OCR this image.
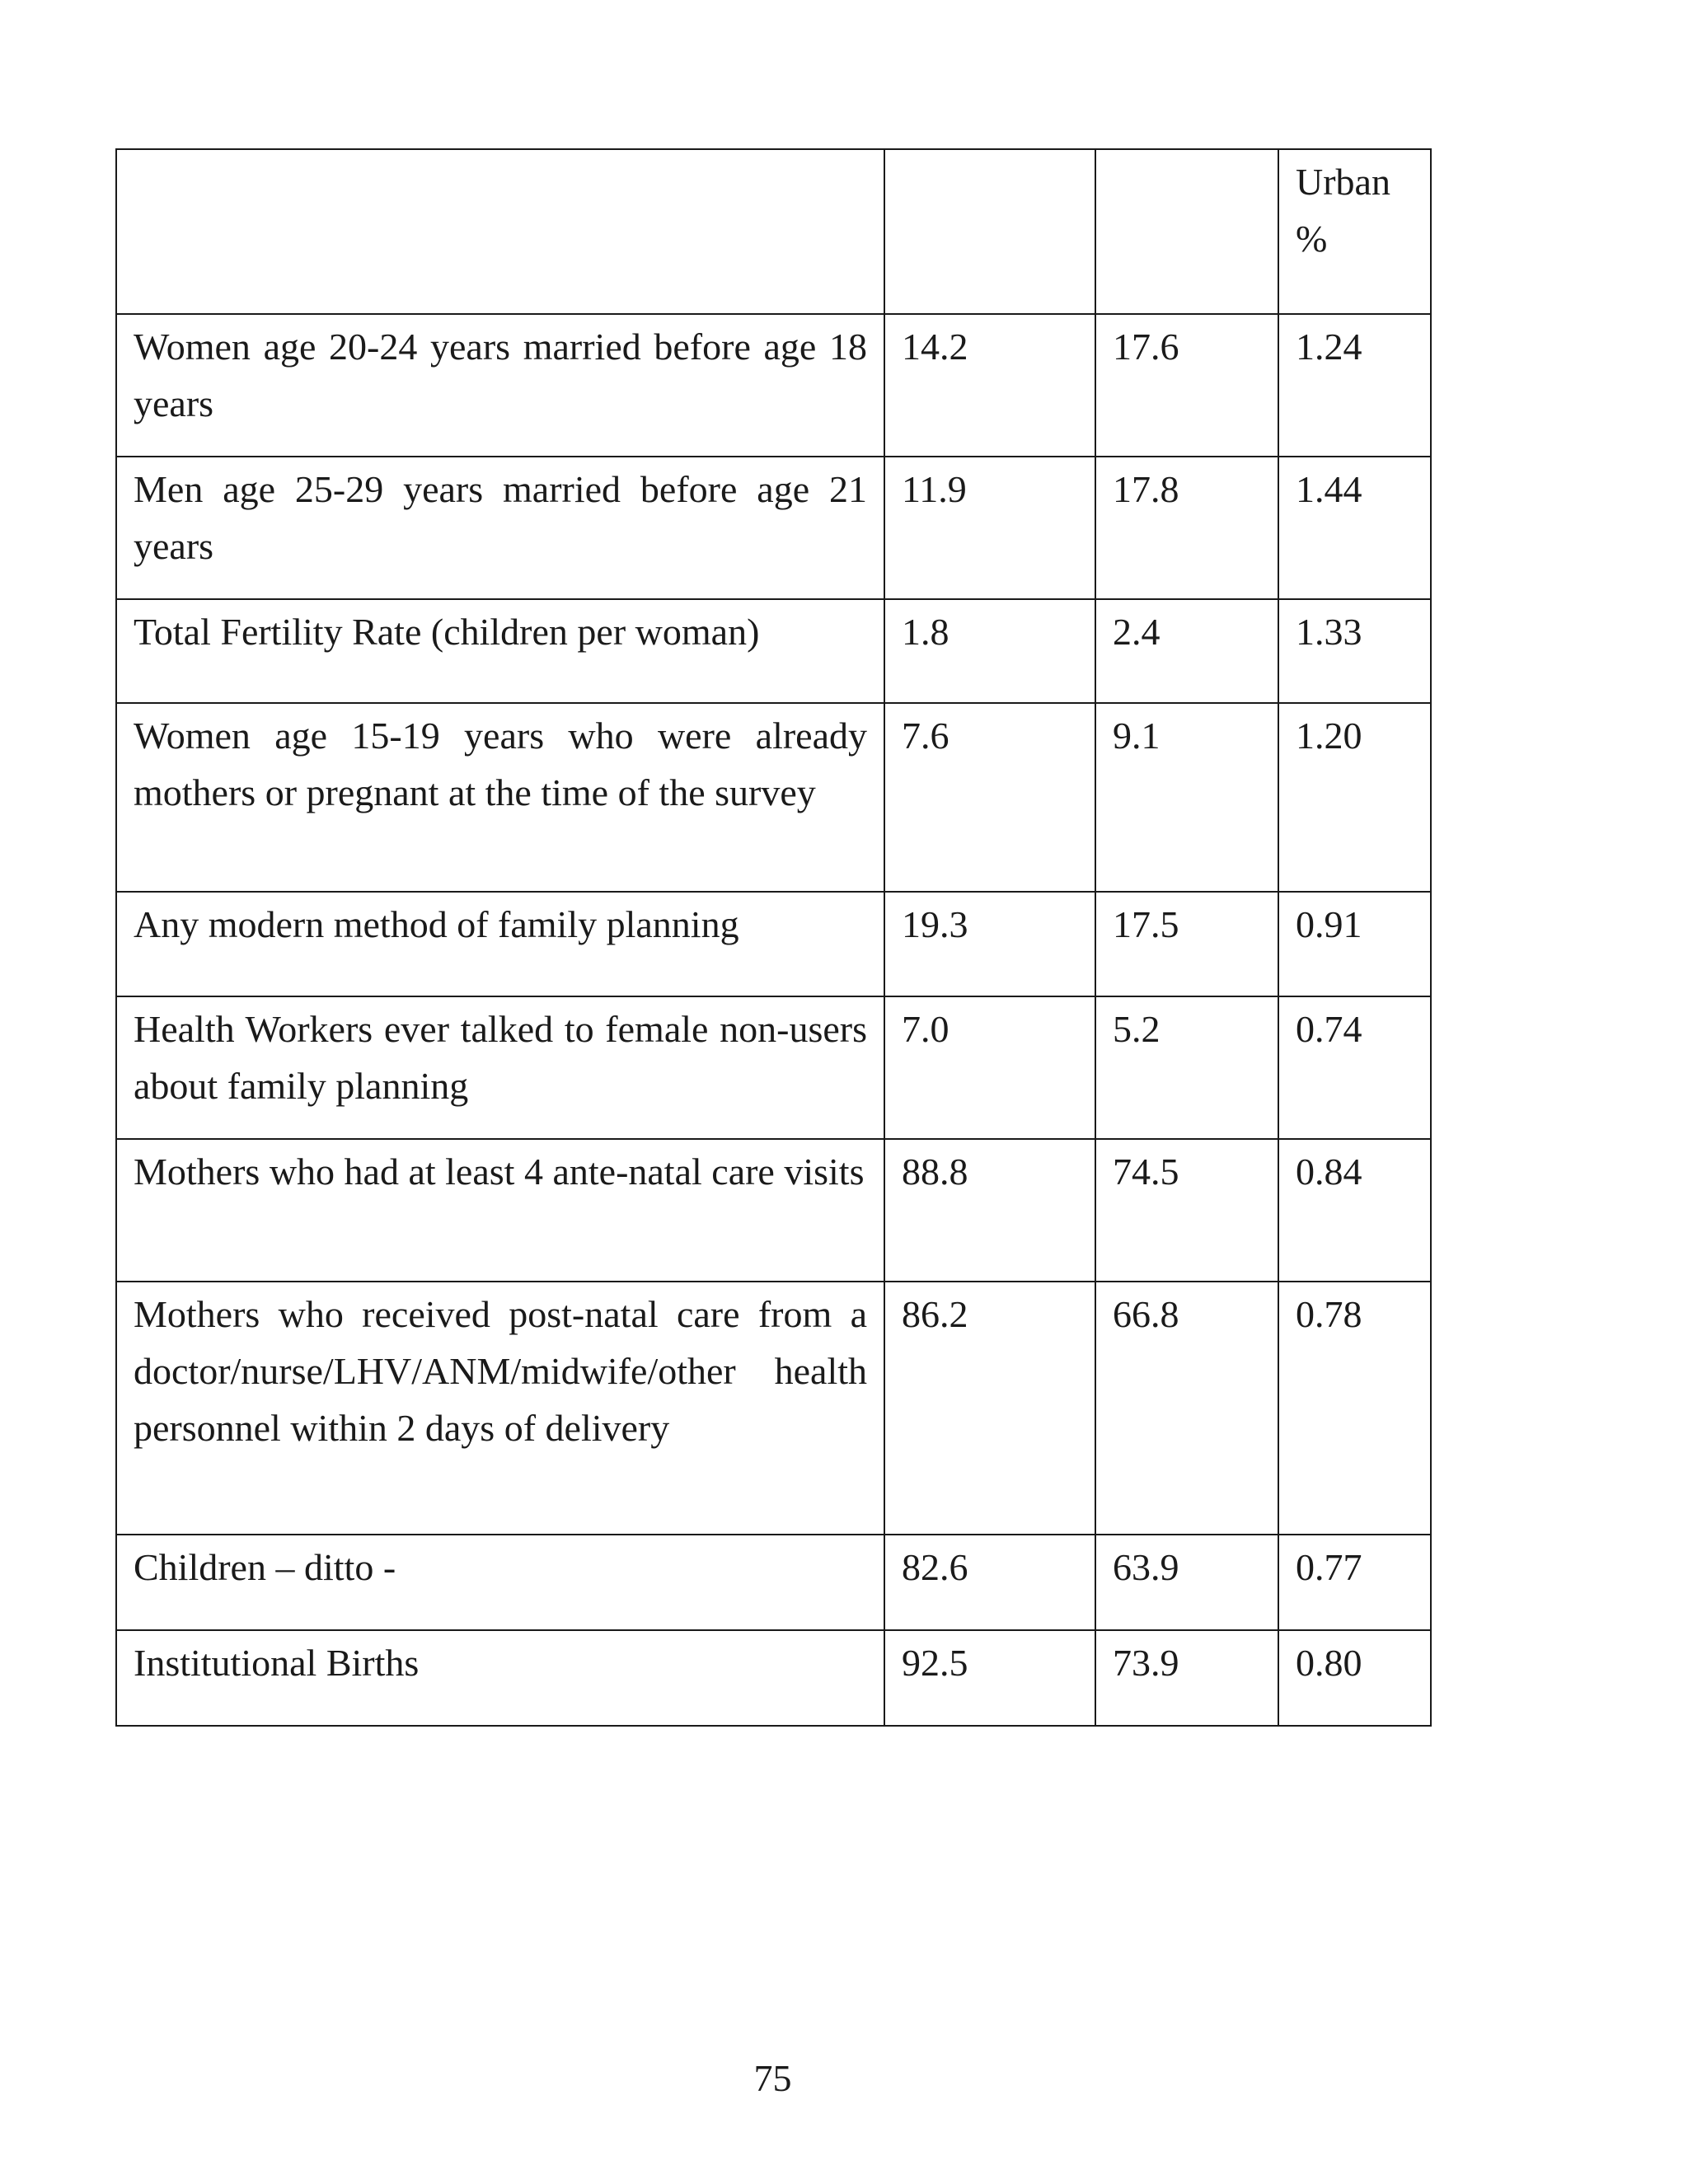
			Urban
%

Women age 20-24 years married before age 18 years	14.2	17.6	1.24
Men age 25-29 years married before age 21 years	11.9	17.8	1.44
Total Fertility Rate (children per woman)	1.8	2.4	1.33
Women age 15-19 years who were already mothers or pregnant at the time of the survey	7.6	9.1	1.20
Any modern method of family planning	19.3	17.5	0.91
Health Workers ever talked to female non-users about family planning	7.0	5.2	0.74
Mothers who had at least 4 ante-natal care visits	88.8	74.5	0.84

Mothers who received post-natal care from a
doctor/nurse/LHV/ANM/midwife/other health personnel within 2 days of delivery	86.2	66.8	0.78
Children – ditto -	82.6	63.9	0.77
Institutional Births	92.5	73.9	0.80
75
